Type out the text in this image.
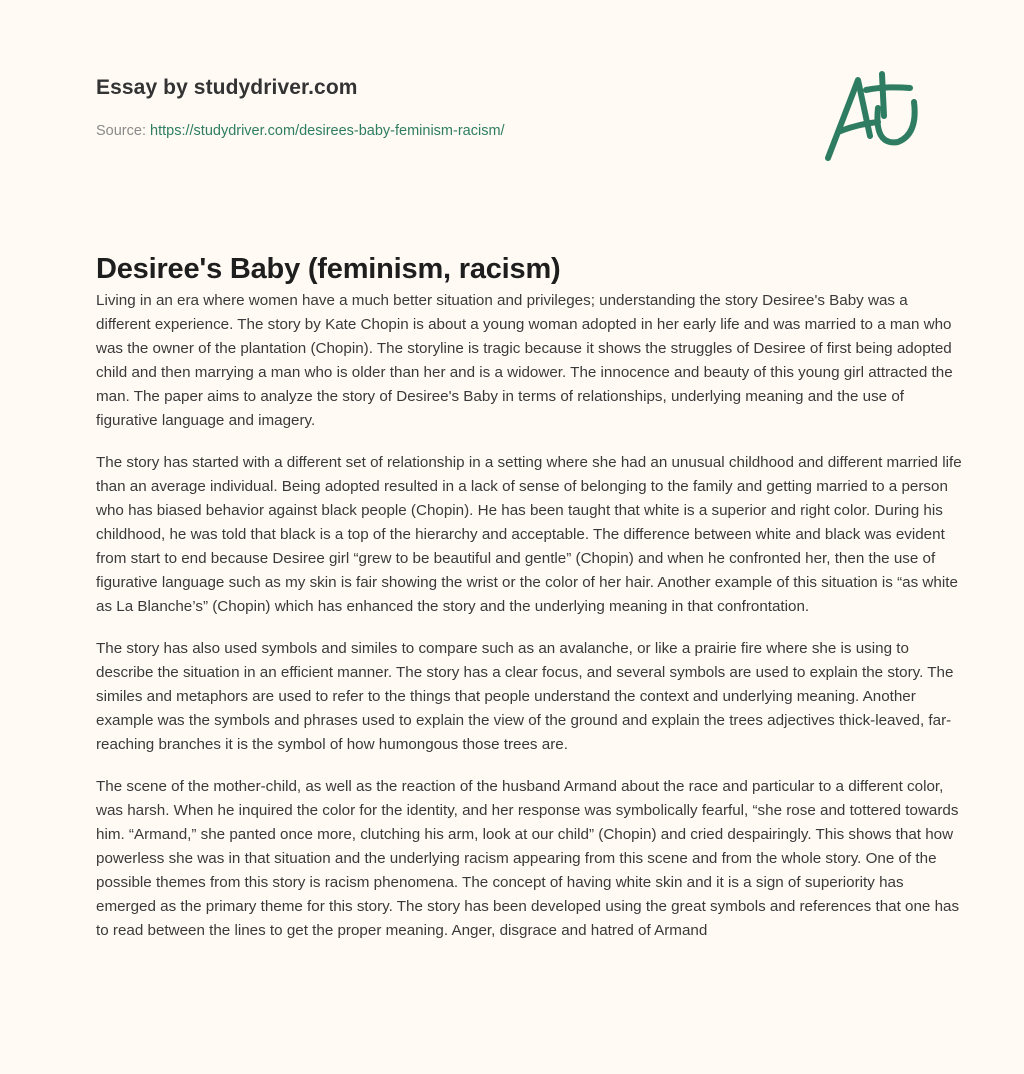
Essay by studydriver.com
Source: https://studydriver.com/desirees-baby-feminism-racism/
Desiree's Baby (feminism, racism)

Living in an era where women have a much better situation and privileges; understanding the story Desiree's Baby was a different experience. The story by Kate Chopin is about a young woman adopted in her early life and was married to a man who was the owner of the plantation (Chopin). The storyline is tragic because it shows the struggles of Desiree of first being adopted child and then marrying a man who is older than her and is a widower. The innocence and beauty of this young girl attracted the man. The paper aims to analyze the story of Desiree's Baby in terms of relationships, underlying meaning and the use of figurative language and imagery.

The story has started with a different set of relationship in a setting where she had an unusual childhood and different married life than an average individual. Being adopted resulted in a lack of sense of belonging to the family and getting married to a person who has biased behavior against black people (Chopin). He has been taught that white is a superior and right color. During his childhood, he was told that black is a top of the hierarchy and acceptable. The difference between white and black was evident from start to end because Desiree girl “grew to be beautiful and gentle” (Chopin) and when he confronted her, then the use of figurative language such as my skin is fair showing the wrist or the color of her hair. Another example of this situation is “as white as La Blanche’s” (Chopin) which has enhanced the story and the underlying meaning in that confrontation.

The story has also used symbols and similes to compare such as an avalanche, or like a prairie fire where she is using to describe the situation in an efficient manner. The story has a clear focus, and several symbols are used to explain the story. The similes and metaphors are used to refer to the things that people understand the context and underlying meaning. Another example was the symbols and phrases used to explain the view of the ground and explain the trees adjectives thick-leaved, far-reaching branches it is the symbol of how humongous those trees are.

The scene of the mother-child, as well as the reaction of the husband Armand about the race and particular to a different color, was harsh. When he inquired the color for the identity, and her response was symbolically fearful, “she rose and tottered towards him. “Armand,” she panted once more, clutching his arm, look at our child” (Chopin) and cried despairingly. This shows that how powerless she was in that situation and the underlying racism appearing from this scene and from the whole story. One of the possible themes from this story is racism phenomena. The concept of having white skin and it is a sign of superiority has emerged as the primary theme for this story. The story has been developed using the great symbols and references that one has to read between the lines to get the proper meaning. Anger, disgrace and hatred of Armand
